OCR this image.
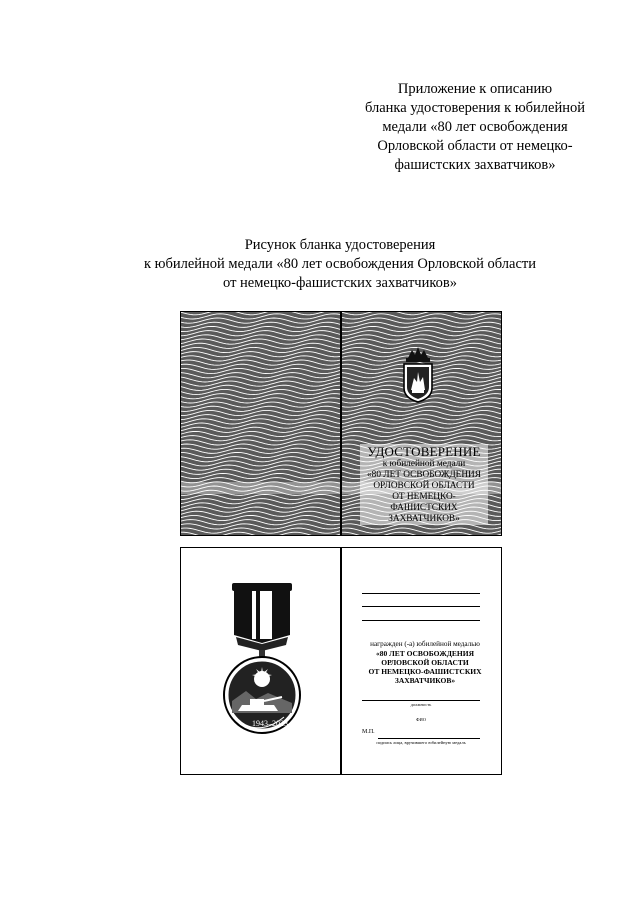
Приложение к описанию
бланка удостоверения к юбилейной
медали «80 лет освобождения
Орловской области от немецко-
фашистских захватчиков»
Рисунок бланка удостоверения
к юбилейной медали «80 лет освобождения Орловской области
от немецко-фашистских захватчиков»
УДОСТОВЕРЕНИЕ
к юбилейной медали
«80 ЛЕТ ОСВОБОЖДЕНИЯ
ОРЛОВСКОЙ ОБЛАСТИ
ОТ НЕМЕЦКО-ФАШИСТСКИХ
ЗАХВАТЧИКОВ»
1943–2023
награжден (-а) юбилейной медалью
«80 ЛЕТ ОСВОБОЖДЕНИЯ
ОРЛОВСКОЙ ОБЛАСТИ
ОТ НЕМЕЦКО-ФАШИСТСКИХ
ЗАХВАТЧИКОВ»
должность
ФИО
М.П.
подпись лица, вручившего юбилейную медаль
